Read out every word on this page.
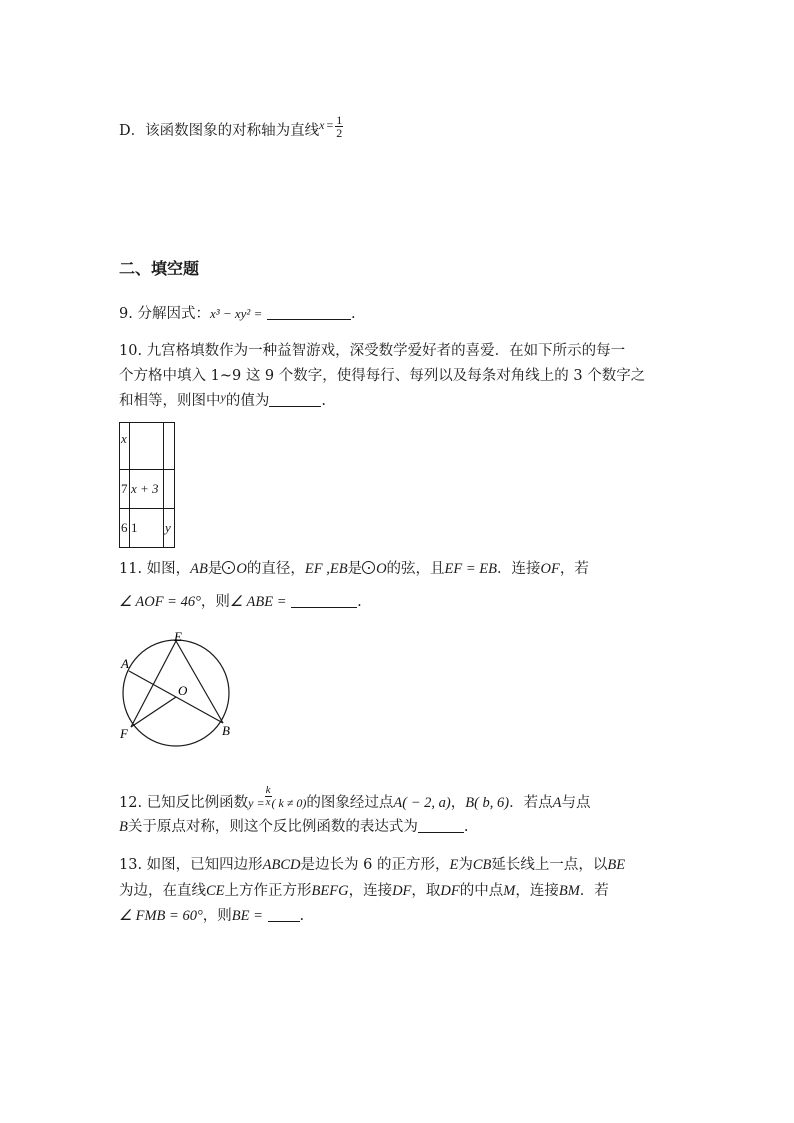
D．该函数图象的对称轴为直线$^x$ $^= \frac{1}{2}$
二、填空题
9. 分解因式：x³ − xy² =	.
10. 九宫格填数作为一种益智游戏，深受数学爱好者的喜爱．在如下所示的每一
个方格中填入 1~9 这 9 个数字，使得每行、每列以及每条对角线上的 3 个数字之
和相等，则图中$^y$的值为	.
x		
7	x + 3	
6	1	y
11. 如图，AB是 O的直径，EF ,EB是 O的弦，且EF = EB．连接OF，若
∠ AOF = 46°，则∠ ABE =	.
E
A
O
F	B
12. 已知反比例函数$y = \frac{k}{x}$ ( k ≠ 0)的图象经过点A( − 2, a)，B( b, 6)．若点A与点
B关于原点对称，则这个反比例函数的表达式为	.
13. 如图，已知四边形ABCD是边长为 6 的正方形，E为CB延长线上一点，以BE
为边，在直线CE上方作正方形BEFG，连接DF，取DF的中点M，连接BM．若
∠ FMB = 60°，则BE =	.
